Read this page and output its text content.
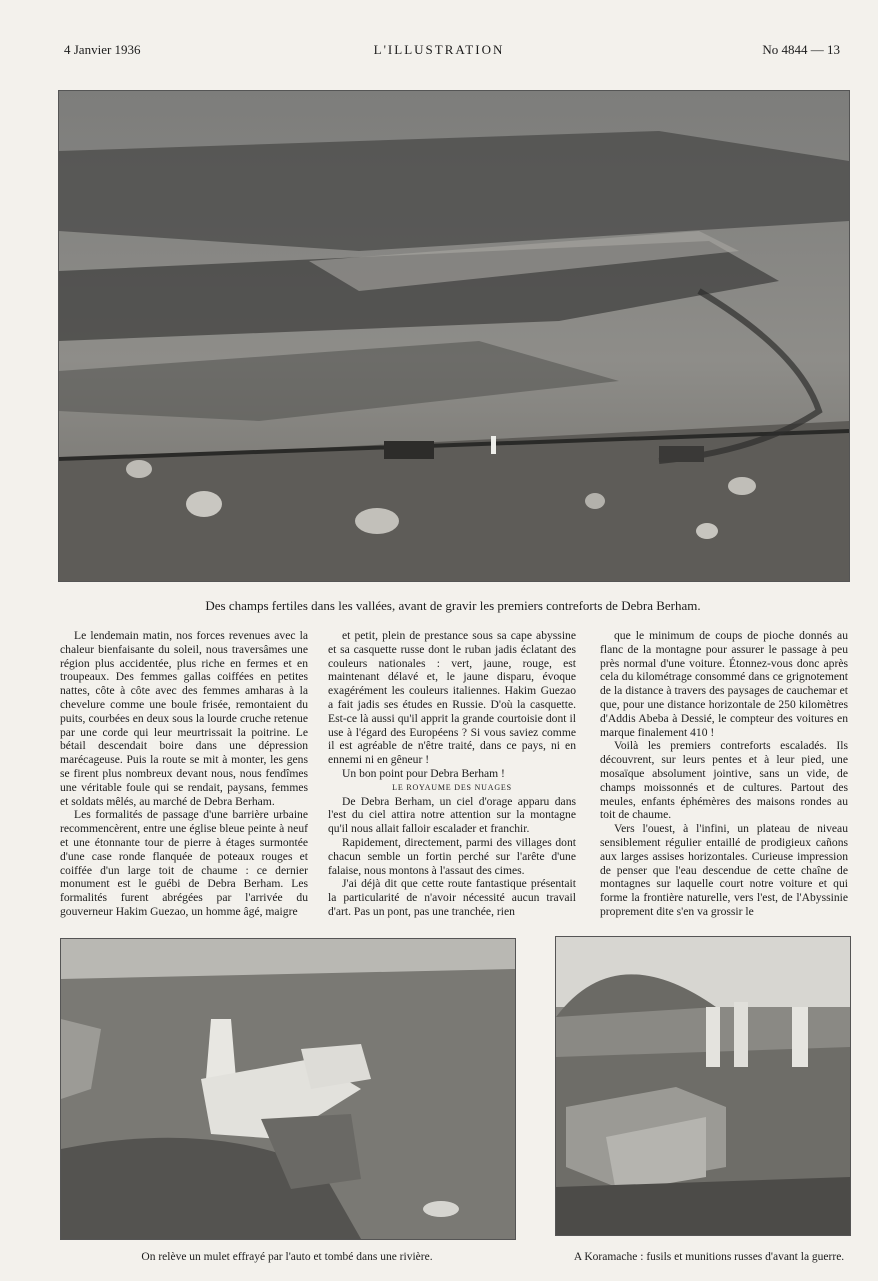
4 Janvier 1936	L'ILLUSTRATION	No 4844 — 13
Des champs fertiles dans les vallées, avant de gravir les premiers contreforts de Debra Berham.

Le lendemain matin, nos forces revenues avec la chaleur bienfaisante du soleil, nous traversâmes une région plus accidentée, plus riche en fermes et en troupeaux. Des femmes gallas coiffées en petites nattes, côte à côte avec des femmes amharas à la chevelure comme une boule frisée, remontaient du puits, courbées en deux sous la lourde cruche retenue par une corde qui leur meurtrissait la poitrine. Le bétail descendait boire dans une dépression marécageuse. Puis la route se mit à monter, les gens se firent plus nombreux devant nous, nous fendîmes une véritable foule qui se rendait, paysans, femmes et soldats mêlés, au marché de Debra Berham.

Les formalités de passage d'une barrière urbaine recommencèrent, entre une église bleue peinte à neuf et une étonnante tour de pierre à étages surmontée d'une case ronde flanquée de poteaux rouges et coiffée d'un large toit de chaume : ce dernier monument est le guébi de Debra Berham. Les formalités furent abrégées par l'arrivée du gouverneur Hakim Guezao, un homme âgé, maigre

et petit, plein de prestance sous sa cape abyssine et sa casquette russe dont le ruban jadis éclatant des couleurs nationales : vert, jaune, rouge, est maintenant délavé et, le jaune disparu, évoque exagérément les couleurs italiennes. Hakim Guezao a fait jadis ses études en Russie. D'où la casquette. Est-ce là aussi qu'il apprit la grande courtoisie dont il use à l'égard des Européens ? Si vous saviez comme il est agréable de n'être traité, dans ce pays, ni en ennemi ni en gêneur !

Un bon point pour Debra Berham !

LE ROYAUME DES NUAGES

De Debra Berham, un ciel d'orage apparu dans l'est du ciel attira notre attention sur la montagne qu'il nous allait falloir escalader et franchir.

Rapidement, directement, parmi des villages dont chacun semble un fortin perché sur l'arête d'une falaise, nous montons à l'assaut des cimes.

J'ai déjà dit que cette route fantastique présentait la particularité de n'avoir nécessité aucun travail d'art. Pas un pont, pas une tranchée, rien

que le minimum de coups de pioche donnés au flanc de la montagne pour assurer le passage à peu près normal d'une voiture. Étonnez-vous donc après cela du kilométrage consommé dans ce grignotement de la distance à travers des paysages de cauchemar et que, pour une distance horizontale de 250 kilomètres d'Addis Abeba à Dessié, le compteur des voitures en marque finalement 410 !

Voilà les premiers contreforts escaladés. Ils découvrent, sur leurs pentes et à leur pied, une mosaïque absolument jointive, sans un vide, de champs moissonnés et de cultures. Partout des meules, enfants éphémères des maisons rondes au toit de chaume.

Vers l'ouest, à l'infini, un plateau de niveau sensiblement régulier entaillé de prodigieux cañons aux larges assises horizontales. Curieuse impression de penser que l'eau descendue de cette chaîne de montagnes sur laquelle court notre voiture et qui forme la frontière naturelle, vers l'est, de l'Abyssinie proprement dite s'en va grossir le

On relève un mulet effrayé par l'auto et tombé dans une rivière.	A Koramache : fusils et munitions russes d'avant la guerre.
